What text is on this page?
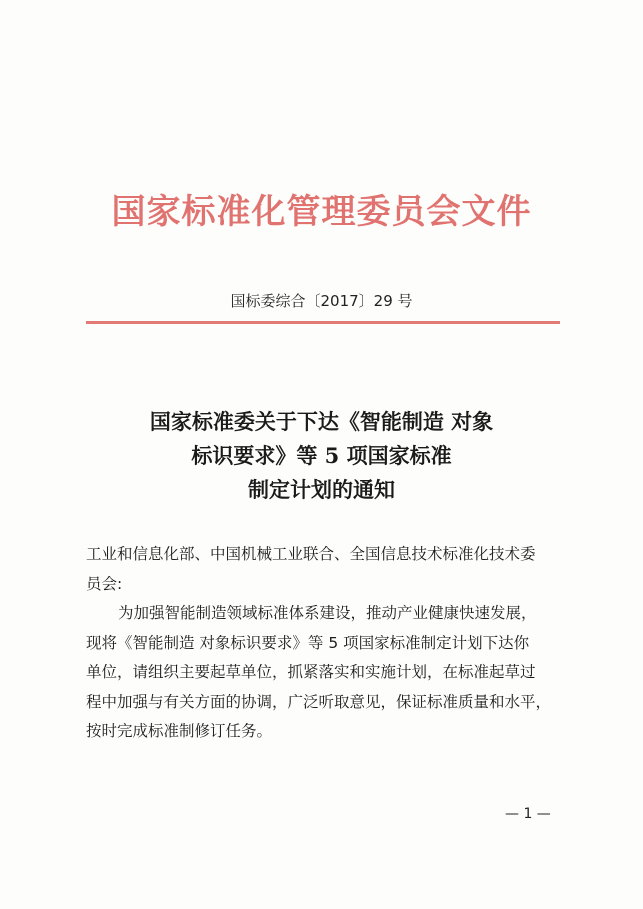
国家标准化管理委员会文件
国标委综合〔2017〕29 号
国家标准委关于下达《智能制造 对象
标识要求》等 5 项国家标准
制定计划的通知
工业和信息化部、中国机械工业联合、全国信息技术标准化技术委
员会:
为加强智能制造领域标准体系建设，推动产业健康快速发展，
现将《智能制造 对象标识要求》等 5 项国家标准制定计划下达你
单位，请组织主要起草单位，抓紧落实和实施计划，在标准起草过
程中加强与有关方面的协调，广泛听取意见，保证标准质量和水平，
按时完成标准制修订任务。
— 1 —
